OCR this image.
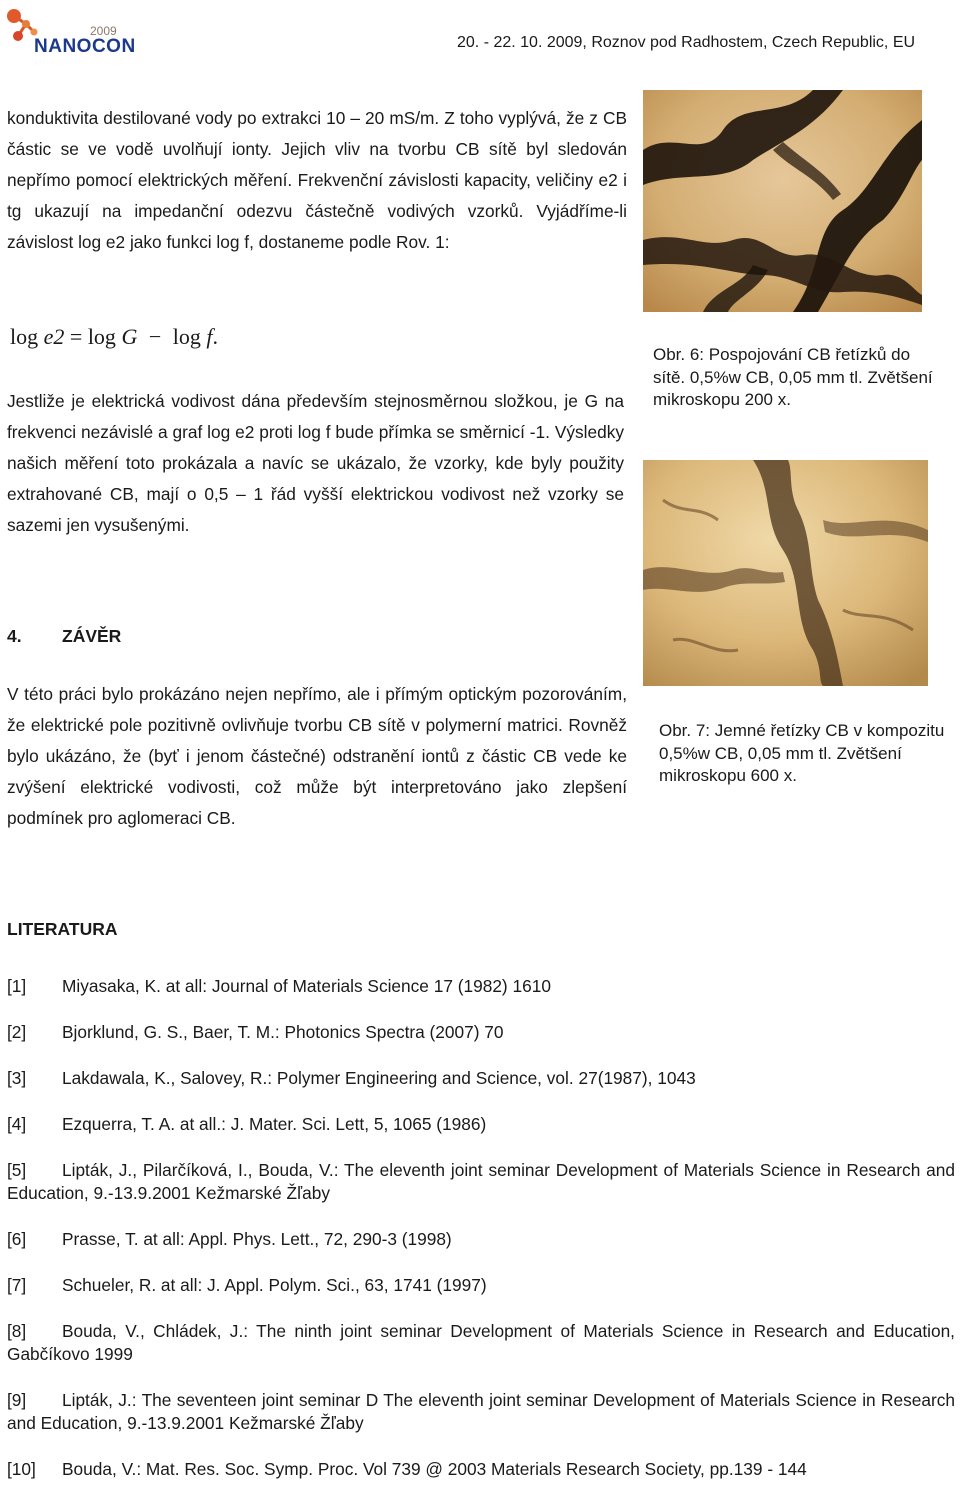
2009
NANOCON	20. - 22. 10. 2009, Roznov pod Radhostem, Czech Republic, EU
konduktivita destilované vody po extrakci 10 – 20 mS/m. Z toho vyplývá, že z CB částic se ve vodě uvolňují ionty. Jejich vliv na tvorbu CB sítě byl sledován nepřímo pomocí elektrických měření. Frekvenční závislosti kapacity, veličiny e2 i tg ukazují na impedanční odezvu částečně vodivých vzorků. Vyjádříme-li závislost log e2 jako funkci log f, dostaneme podle Rov. 1:
log e2 = log G − log f.
Jestliže je elektrická vodivost dána především stejnosměrnou složkou, je G na frekvenci nezávislé a graf log e2 proti log f bude přímka se směrnicí -1. Výsledky našich měření toto prokázala a navíc se ukázalo, že vzorky, kde byly použity extrahované CB, mají o 0,5 – 1 řád vyšší elektrickou vodivost než vzorky se sazemi jen vysušenými.
Obr. 6: Pospojování CB řetízků do sítě. 0,5%w CB, 0,05 mm tl. Zvětšení mikroskopu 200 x.
Obr. 7: Jemné řetízky CB v kompozitu 0,5%w CB, 0,05 mm tl. Zvětšení mikroskopu 600 x.
4. ZÁVĚR
V této práci bylo prokázáno nejen nepřímo, ale i přímým optickým pozorováním, že elektrické pole pozitivně ovlivňuje tvorbu CB sítě v polymerní matrici. Rovněž bylo ukázáno, že (byť i jenom částečné) odstranění iontů z částic CB vede ke zvýšení elektrické vodivosti, což může být interpretováno jako zlepšení podmínek pro aglomeraci CB.
LITERATURA
[1] Miyasaka, K. at all: Journal of Materials Science 17 (1982) 1610
[2] Bjorklund, G. S., Baer, T. M.: Photonics Spectra (2007) 70
[3] Lakdawala, K., Salovey, R.: Polymer Engineering and Science, vol. 27(1987), 1043
[4] Ezquerra, T. A. at all.: J. Mater. Sci. Lett, 5, 1065 (1986)
[5] Lipták, J., Pilarčíková, I., Bouda, V.: The eleventh joint seminar Development of Materials Science in Research and Education, 9.-13.9.2001 Kežmarské Žľaby
[6] Prasse, T. at all: Appl. Phys. Lett., 72, 290-3 (1998)
[7] Schueler, R. at all: J. Appl. Polym. Sci., 63, 1741 (1997)
[8] Bouda, V., Chládek, J.: The ninth joint seminar Development of Materials Science in Research and Education, Gabčíkovo 1999
[9] Lipták, J.: The seventeen joint seminar D The eleventh joint seminar Development of Materials Science in Research and Education, 9.-13.9.2001 Kežmarské Žľaby
[10] Bouda, V.: Mat. Res. Soc. Symp. Proc. Vol 739 @ 2003 Materials Research Society, pp.139 - 144
